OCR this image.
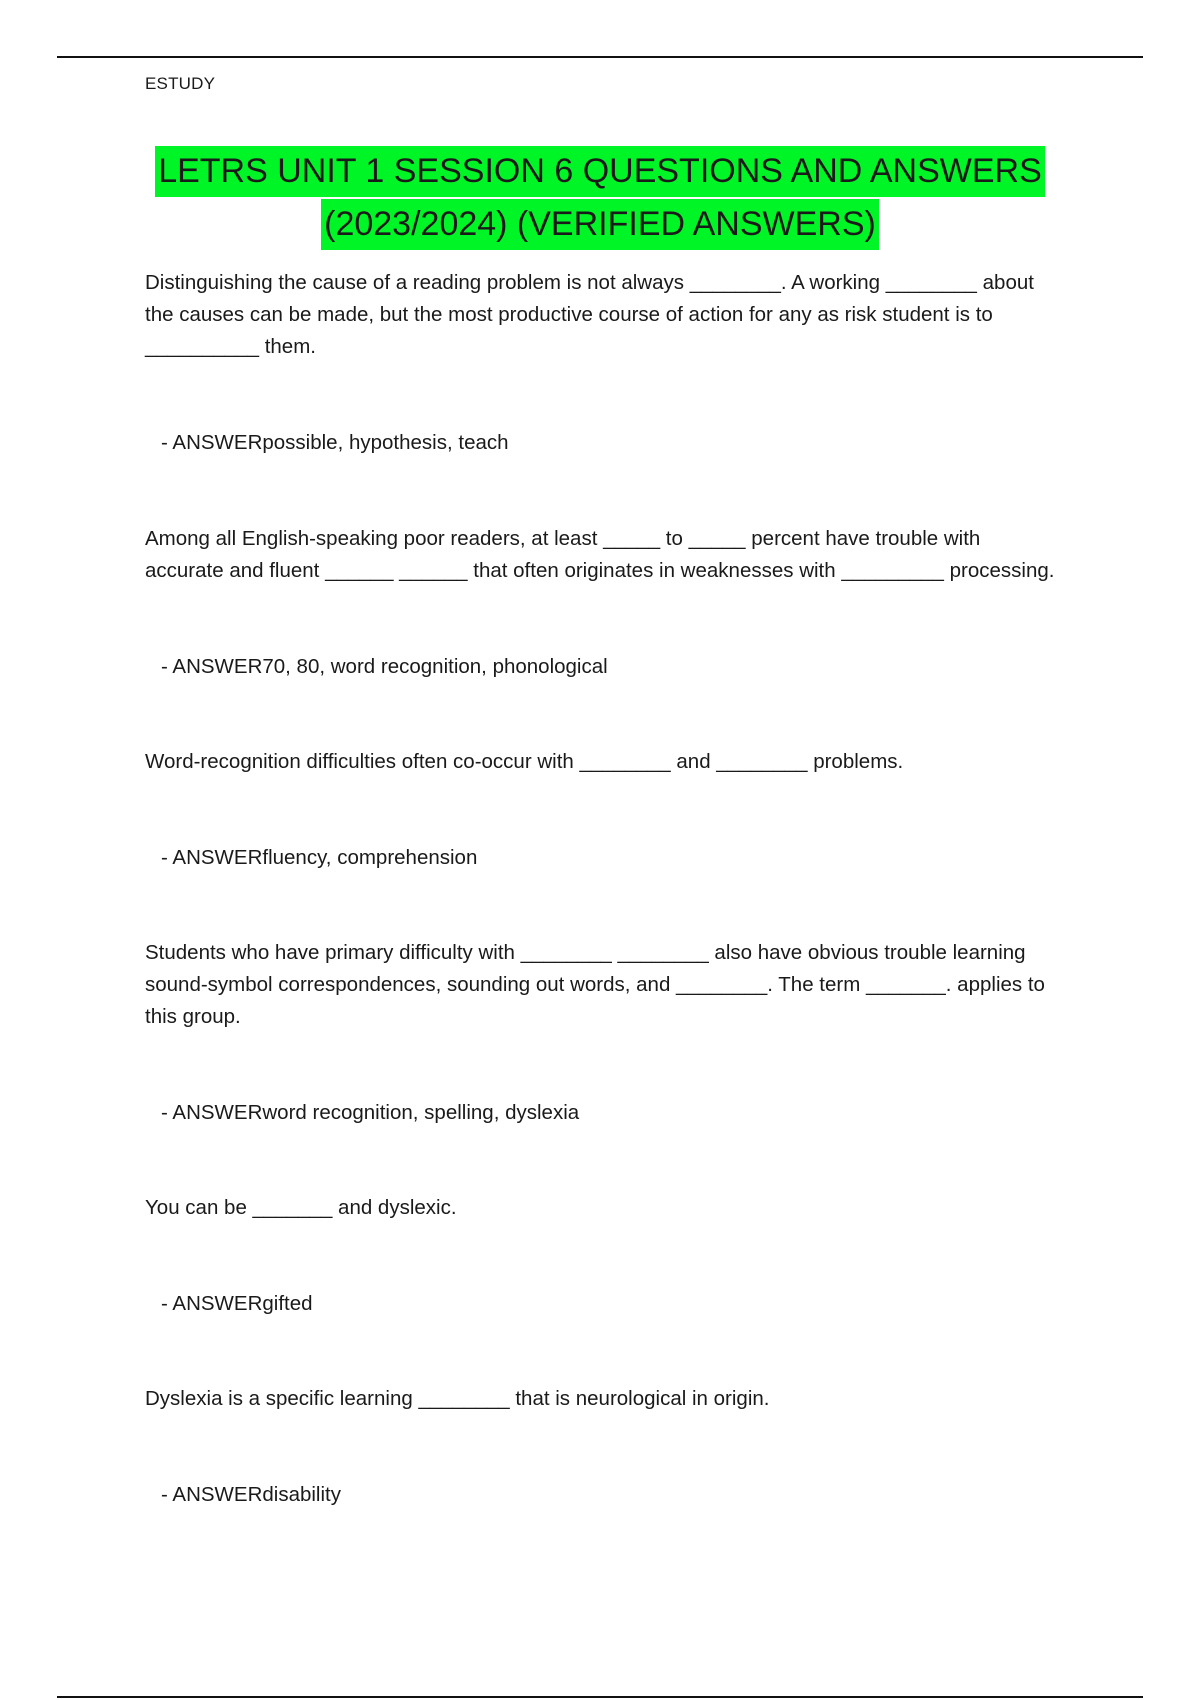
ESTUDY
LETRS UNIT 1 SESSION 6 QUESTIONS AND ANSWERS
(2023/2024) (VERIFIED ANSWERS)

Distinguishing the cause of a reading problem is not always ________. A working ________ about the causes can be made, but the most productive course of action for any as risk student is to __________ them.

- ANSWERpossible, hypothesis, teach

Among all English-speaking poor readers, at least _____ to _____ percent have trouble with accurate and fluent ______ ______ that often originates in weaknesses with _________ processing.

- ANSWER70, 80, word recognition, phonological

Word-recognition difficulties often co-occur with ________ and ________ problems.

- ANSWERfluency, comprehension

Students who have primary difficulty with ________ ________ also have obvious trouble learning sound-symbol correspondences, sounding out words, and ________. The term _______. applies to this group.

- ANSWERword recognition, spelling, dyslexia

You can be _______ and dyslexic.

- ANSWERgifted

Dyslexia is a specific learning ________ that is neurological in origin.

- ANSWERdisability
